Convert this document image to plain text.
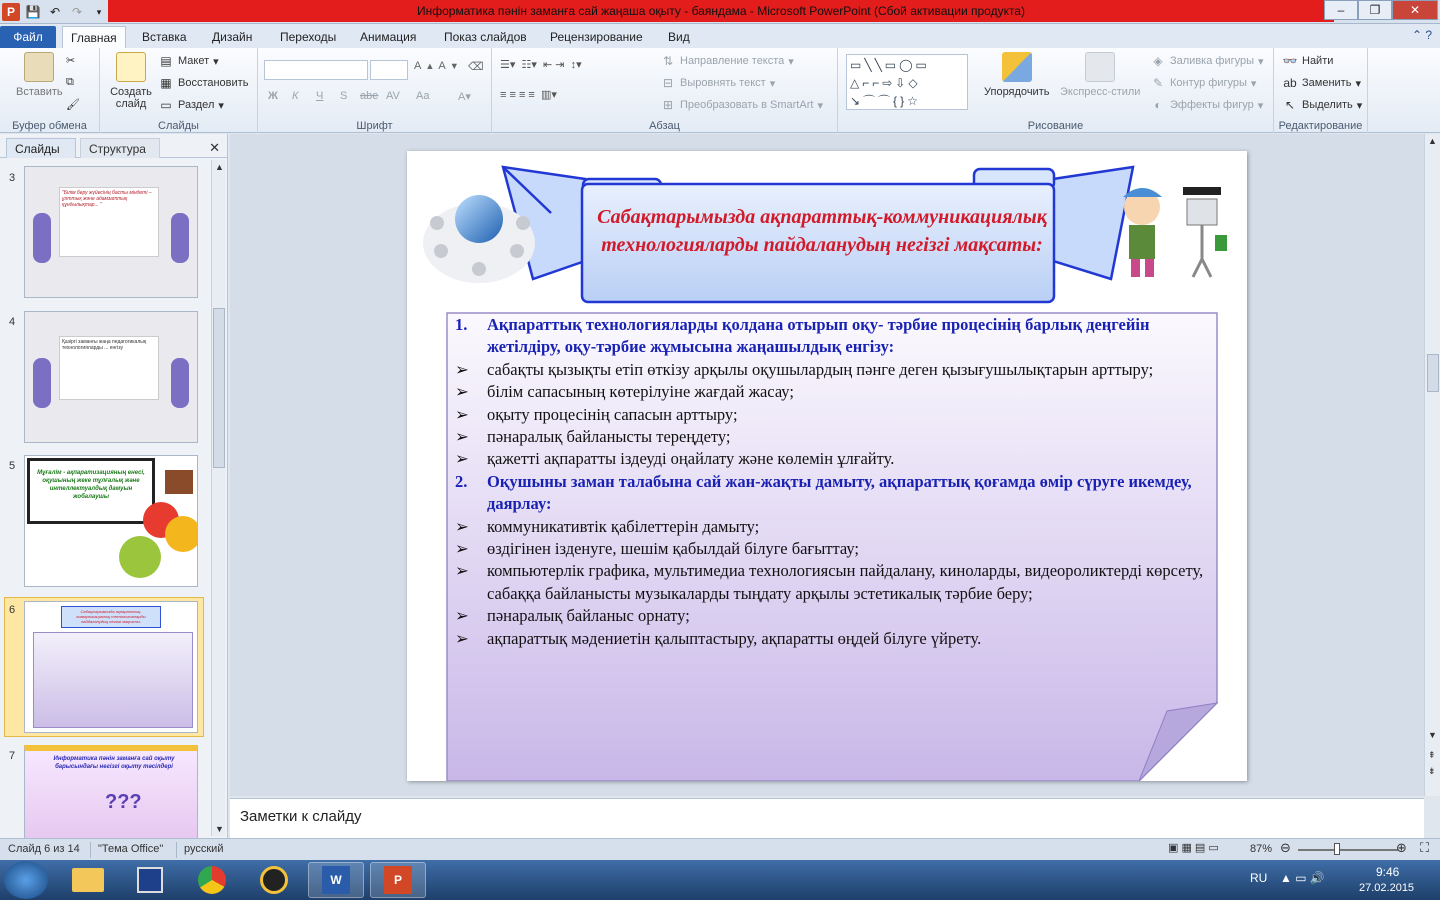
P 💾 ↶ ↷	▾	Информатика пәнін заманға сай жаңаша оқыту - баяндама - Microsoft PowerPoint (Сбой активации продукта)	–	❐	✕
Файл	Главная	Вставка	Дизайн	Переходы	Анимация	Показ слайдов	Рецензирование	Вид	⌃ ?
Вставить
✂
⧉
🖌
Буфер обмена
Создать слайд
▤ Макет ▾
▦ Восстановить
▭ Раздел ▾
Слайды
A ▲ A ▼ ⌫
Ж К Ч S abe AV Aa	A▾
Шрифт
☰▾  ☷▾  ⇤ ⇥  ↕▾
≡ ≡ ≡ ≡  ▥▾
⇅ Направление текста ▾
⊟ Выровнять текст ▾
⊞ Преобразовать в SmartArt ▾
Абзац
▭╲╲▭◯▭
△⌐⌐⇨⇩◇
↘⌒⌒{}☆
Упорядочить Экспресс-стили
◈ Заливка фигуры ▾
✎ Контур фигуры ▾
◐ Эффекты фигур ▾
Рисование
👓 Найти
ab Заменить ▾
↖ Выделить ▾
Редактирование
Слайды	Структура	✕
3
"Білім беру жүйесінің басты міндеті – ұлттық және адамзаттық құндылықтар... "
4
Қазіргі заманғы жаңа педагогикалық технологияларды ... енгізу
5
Мұғалім - ақпаратизацияның енесі, оқушының жеке тұлғалық және интеллектуалдық дамуын жобалаушы
6	Сабақтарымызда ақпараттық-коммуникациялық технологияларды пайдаланудың негізгі мақсаты:
7	Информатика пәнін заманға сай оқыту барысындағы негізгі оқыту тәсілдері
???
▲
▼
▲
▼
⇞
⇟
Сабақтарымызда ақпараттық-коммуникациялық технологияларды пайдаланудың негізгі мақсаты:
1.	Ақпараттық технологияларды қолдана отырып оқу- тәрбие процесінің барлық деңгейін жетілдіру, оқу-тәрбие жұмысына жаңашылдық енгізу:
➢	сабақты қызықты етіп өткізу арқылы оқушылардың пәнге деген қызығушылықтарын арттыру;
➢	білім сапасының көтерілуіне жағдай жасау;
➢	оқыту процесінің сапасын арттыру;
➢	пәнаралық байланысты тереңдету;
➢	қажетті ақпаратты іздеуді оңайлату және көлемін ұлғайту.
2.	Оқушыны заман талабына сай жан-жақты дамыту, ақпараттық қоғамда өмір сүруге икемдеу, даярлау:
➢	коммуникативтік қабілеттерін дамыту;
➢	өздігінен ізденуге, шешім қабылдай білуге бағыттау;
➢	компьютерлік графика, мультимедиа технологиясын пайдалану, киноларды, видеороликтерді көрсету, сабаққа байланысты музыкаларды тыңдату арқылы эстетикалық тәрбие беру;
➢	пәнаралық байланыс орнату;
➢	ақпараттық мәдениетін қалыптастыру, ақпаратты өңдей білуге үйрету.
Заметки к слайду
Слайд 6 из 14 "Тема Office" русский	▣ ▦ ▤ ▭	87% ⊖	⊕ ⛶
W	P	RU ▲ ▭ 🔊	9:46
27.02.2015
